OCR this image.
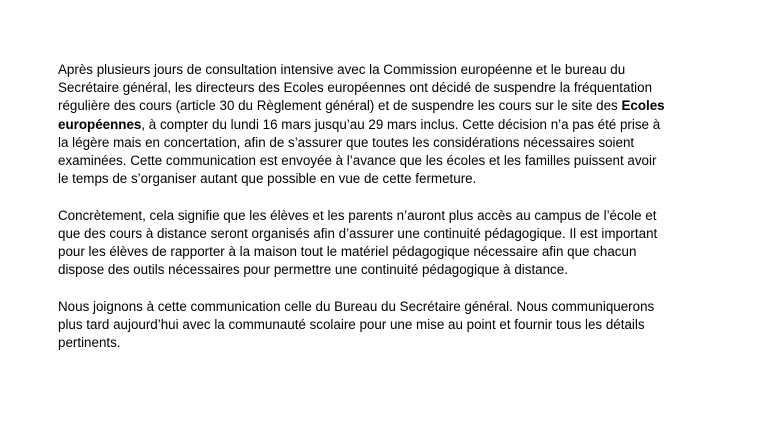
Après plusieurs jours de consultation intensive avec la Commission européenne et le bureau du
Secrétaire général, les directeurs des Ecoles européennes ont décidé de suspendre la fréquentation
régulière des cours (article 30 du Règlement général) et de suspendre les cours sur le site des Ecoles
européennes, à compter du lundi 16 mars jusqu’au 29 mars inclus. Cette décision n’a pas été prise à
la légère mais en concertation, afin de s’assurer que toutes les considérations nécessaires soient
examinées. Cette communication est envoyée à l’avance que les écoles et les familles puissent avoir
le temps de s’organiser autant que possible en vue de cette fermeture.

Concrètement, cela signifie que les élèves et les parents n’auront plus accès au campus de l’école et
que des cours à distance seront organisés afin d’assurer une continuité pédagogique. Il est important
pour les élèves de rapporter à la maison tout le matériel pédagogique nécessaire afin que chacun
dispose des outils nécessaires pour permettre une continuité pédagogique à distance.

Nous joignons à cette communication celle du Bureau du Secrétaire général. Nous communiquerons
plus tard aujourd’hui avec la communauté scolaire pour une mise au point et fournir tous les détails
pertinents.
